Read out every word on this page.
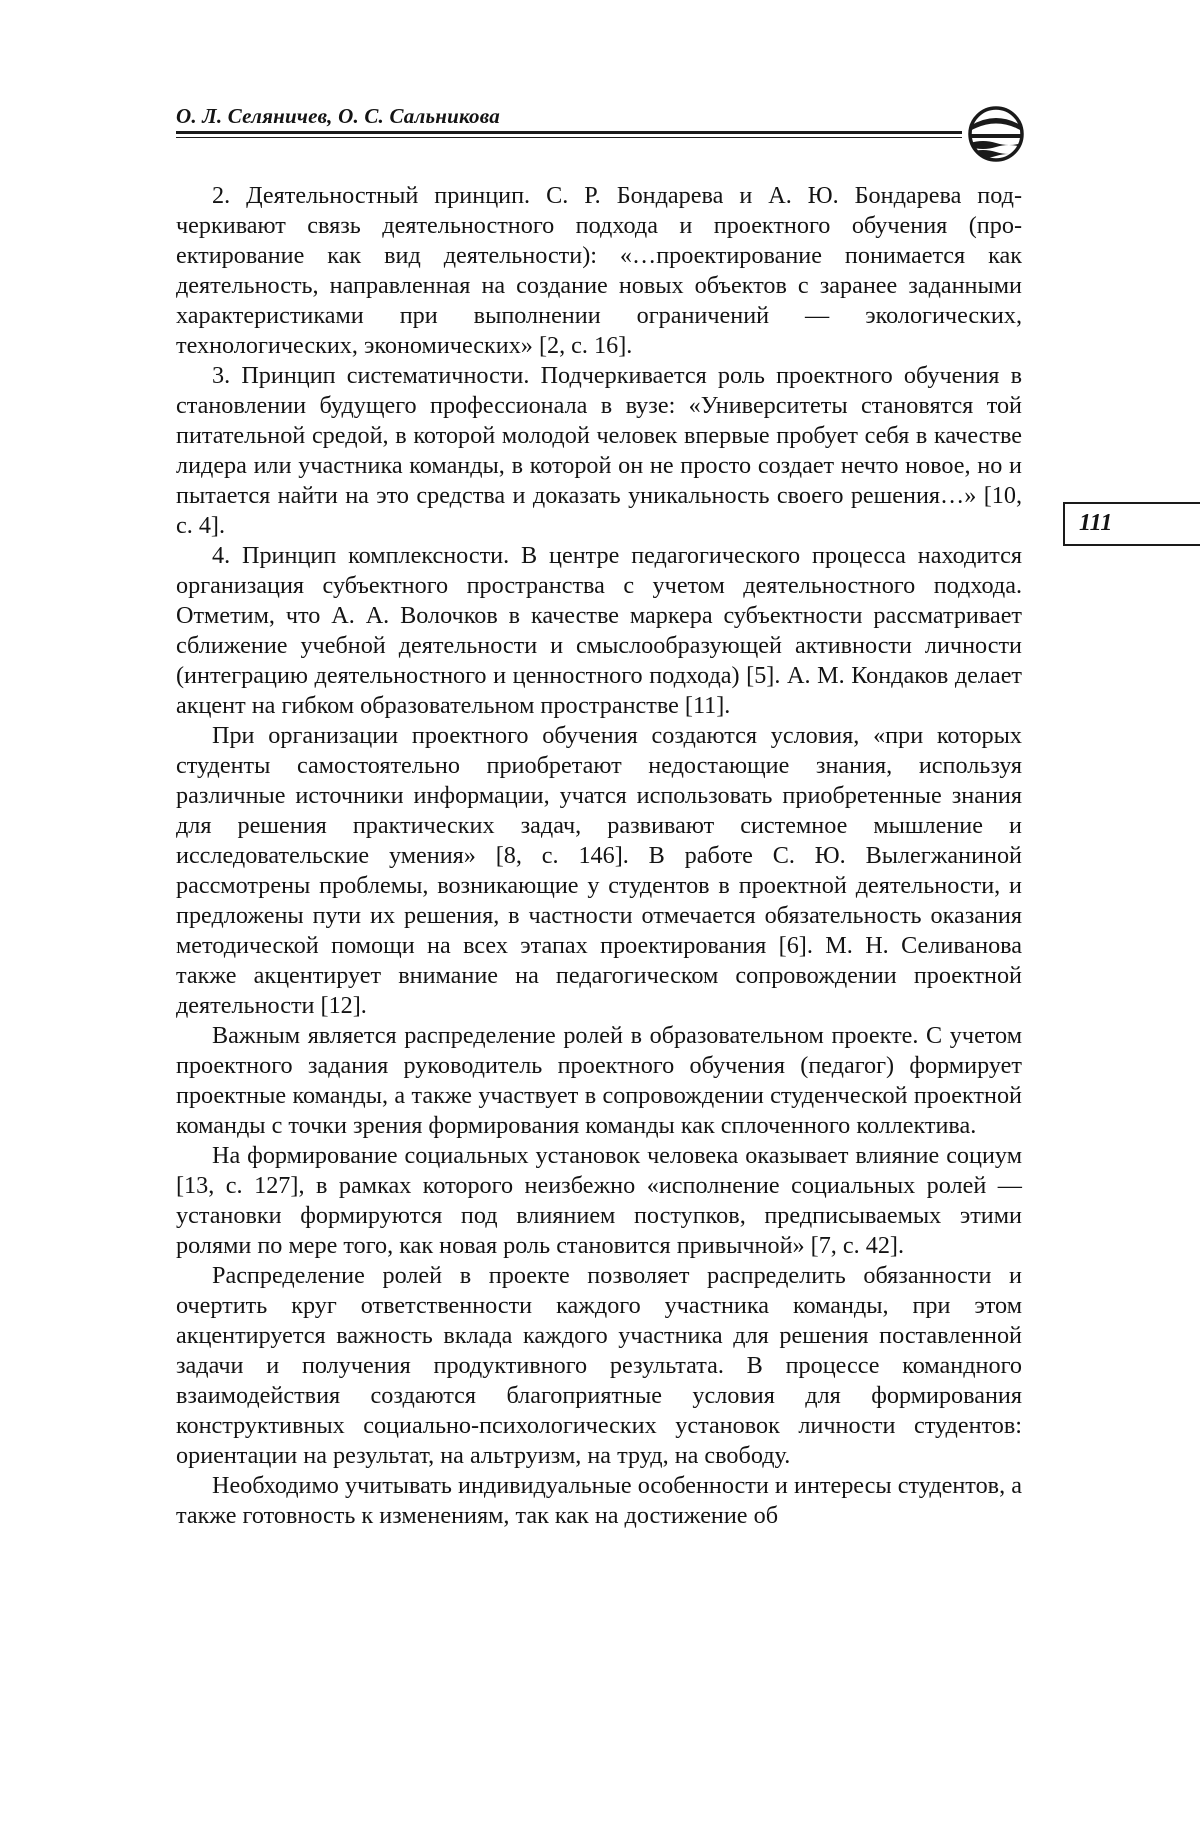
О. Л. Селяничев, О. С. Сальникова
111

2. Деятельностный принцип. С. Р. Бондарева и А. Ю. Бондарева подчеркивают связь деятельностного подхода и проектного обучения (проектирование как вид деятельности): «…проектирование понимается как деятельность, направленная на создание новых объектов с заранее заданными характеристиками при выполнении ограничений — экологических, технологических, экономических» [2, с. 16].

3. Принцип систематичности. Подчеркивается роль проектного обучения в становлении будущего профессионала в вузе: «Университеты становятся той питательной средой, в которой молодой человек впервые пробует себя в качестве лидера или участника команды, в которой он не просто создает нечто новое, но и пытается найти на это средства и доказать уникальность своего решения…» [10, с. 4].

4. Принцип комплексности. В центре педагогического процесса находится организация субъектного пространства с учетом деятельностного подхода. Отметим, что А. А. Волочков в качестве маркера субъектности рассматривает сближение учебной деятельности и смыслообразующей активности личности (интеграцию деятельностного и ценностного подхода) [5]. А. М. Кондаков делает акцент на гибком образовательном пространстве [11].

При организации проектного обучения создаются условия, «при которых студенты самостоятельно приобретают недостающие знания, используя различные источники информации, учатся использовать приобретенные знания для решения практических задач, развивают системное мышление и исследовательские умения» [8, с. 146]. В работе С. Ю. Вылегжаниной рассмотрены проблемы, возникающие у студентов в проектной деятельности, и предложены пути их решения, в частности отмечается обязательность оказания методической помощи на всех этапах проектирования [6]. М. Н. Селиванова также акцентирует внимание на педагогическом сопровождении проектной деятельности [12].

Важным является распределение ролей в образовательном проекте. С учетом проектного задания руководитель проектного обучения (педагог) формирует проектные команды, а также участвует в сопровождении студенческой проектной команды с точки зрения формирования команды как сплоченного коллектива.

На формирование социальных установок человека оказывает влияние социум [13, с. 127], в рамках которого неизбежно «исполнение социальных ролей — установки формируются под влиянием поступков, предписываемых этими ролями по мере того, как новая роль становится привычной» [7, с. 42].

Распределение ролей в проекте позволяет распределить обязанности и очертить круг ответственности каждого участника команды, при этом акцентируется важность вклада каждого участника для решения поставленной задачи и получения продуктивного результата. В процессе командного взаимодействия создаются благоприятные условия для формирования конструктивных социально-психологических установок личности студентов: ориентации на результат, на альтруизм, на труд, на свободу.

Необходимо учитывать индивидуальные особенности и интересы студентов, а также готовность к изменениям, так как на достижение об
